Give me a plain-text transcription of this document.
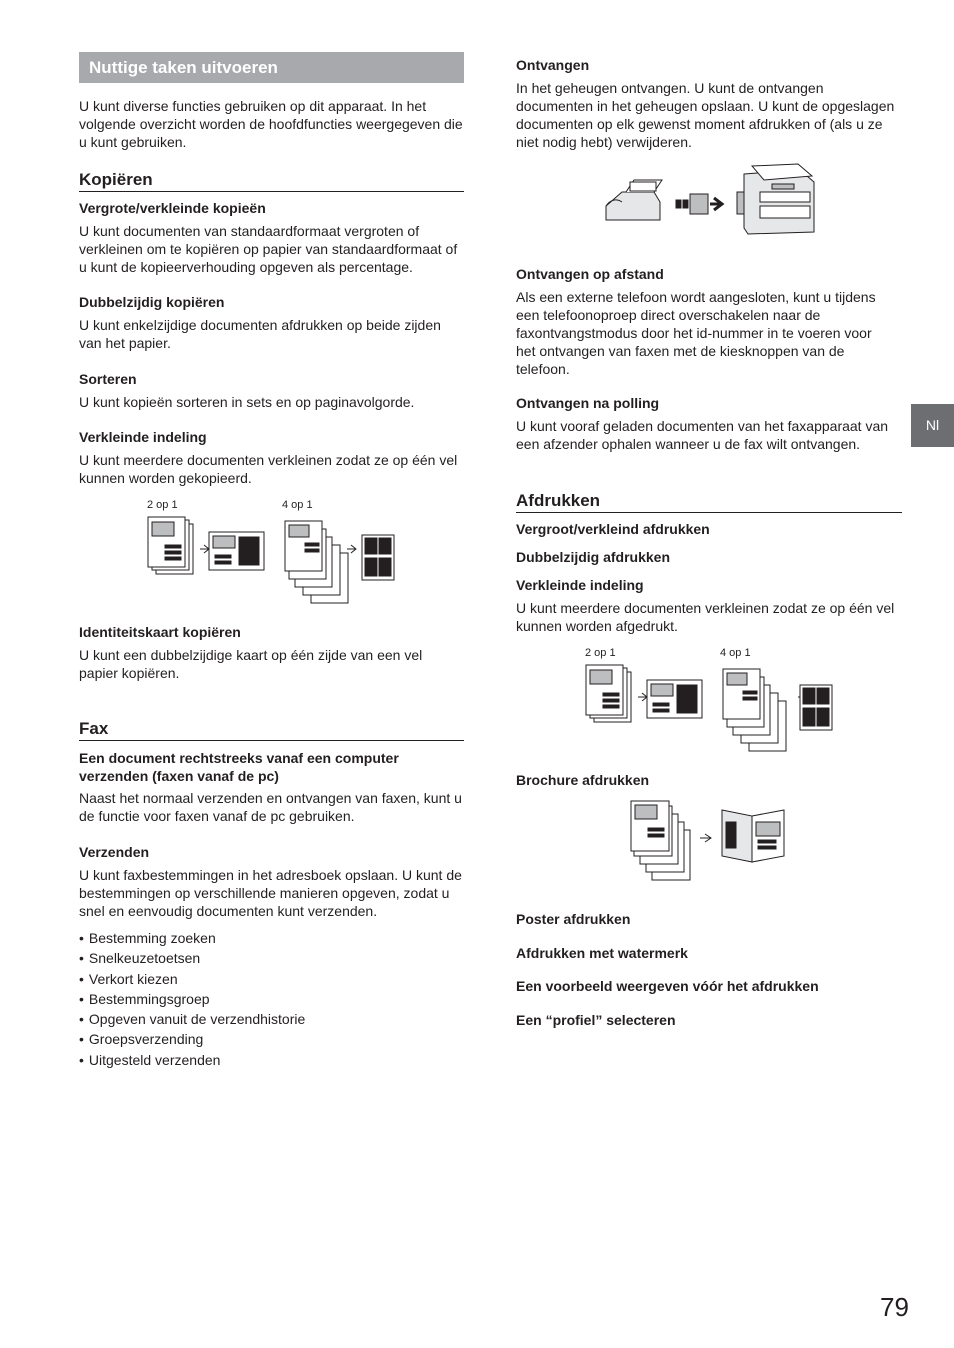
Nuttige taken uitvoeren
U kunt diverse functies gebruiken op dit apparaat. In het volgende overzicht worden de hoofdfuncties weergegeven die u kunt gebruiken.
Kopiëren
Vergrote/verkleinde kopieën
U kunt documenten van standaardformaat vergroten of verkleinen om te kopiëren op papier van standaardformaat of u kunt de kopieerverhouding opgeven als percentage.
Dubbelzijdig kopiëren
U kunt enkelzijdige documenten afdrukken op beide zijden van het papier.
Sorteren
U kunt kopieën sorteren in sets en op paginavolgorde.
Verkleinde indeling
U kunt meerdere documenten verkleinen zodat ze op één vel kunnen worden gekopieerd.
2 op 1	4 op 1
Identiteitskaart kopiëren
U kunt een dubbelzijdige kaart op één zijde van een vel papier kopiëren.
Fax
Een document rechtstreeks vanaf een computer verzenden (faxen vanaf de pc)
Naast het normaal verzenden en ontvangen van faxen, kunt u de functie voor faxen vanaf de pc gebruiken.
Verzenden
U kunt faxbestemmingen in het adresboek opslaan. U kunt de bestemmingen op verschillende manieren opgeven, zodat u snel en eenvoudig documenten kunt verzenden.
• Bestemming zoeken
• Snelkeuzetoetsen
• Verkort kiezen
• Bestemmingsgroep
• Opgeven vanuit de verzendhistorie
• Groepsverzending
• Uitgesteld verzenden
Ontvangen
In het geheugen ontvangen. U kunt de ontvangen documenten in het geheugen opslaan. U kunt de opgeslagen documenten op elk gewenst moment afdrukken of (als u ze niet nodig hebt) verwijderen.
Ontvangen op afstand
Als een externe telefoon wordt aangesloten, kunt u tijdens een telefoonoproep direct overschakelen naar de faxontvangstmodus door het id-nummer in te voeren voor het ontvangen van faxen met de kiesknoppen van de telefoon.
Ontvangen na polling
U kunt vooraf geladen documenten van het faxapparaat van een afzender ophalen wanneer u de fax wilt ontvangen.
Afdrukken
Vergroot/verkleind afdrukken
Dubbelzijdig afdrukken
Verkleinde indeling
U kunt meerdere documenten verkleinen zodat ze op één vel kunnen worden afgedrukt.
2 op 1	4 op 1
Brochure afdrukken
Poster afdrukken
Afdrukken met watermerk
Een voorbeeld weergeven vóór het afdrukken
Een “profiel” selecteren
Nl
79
